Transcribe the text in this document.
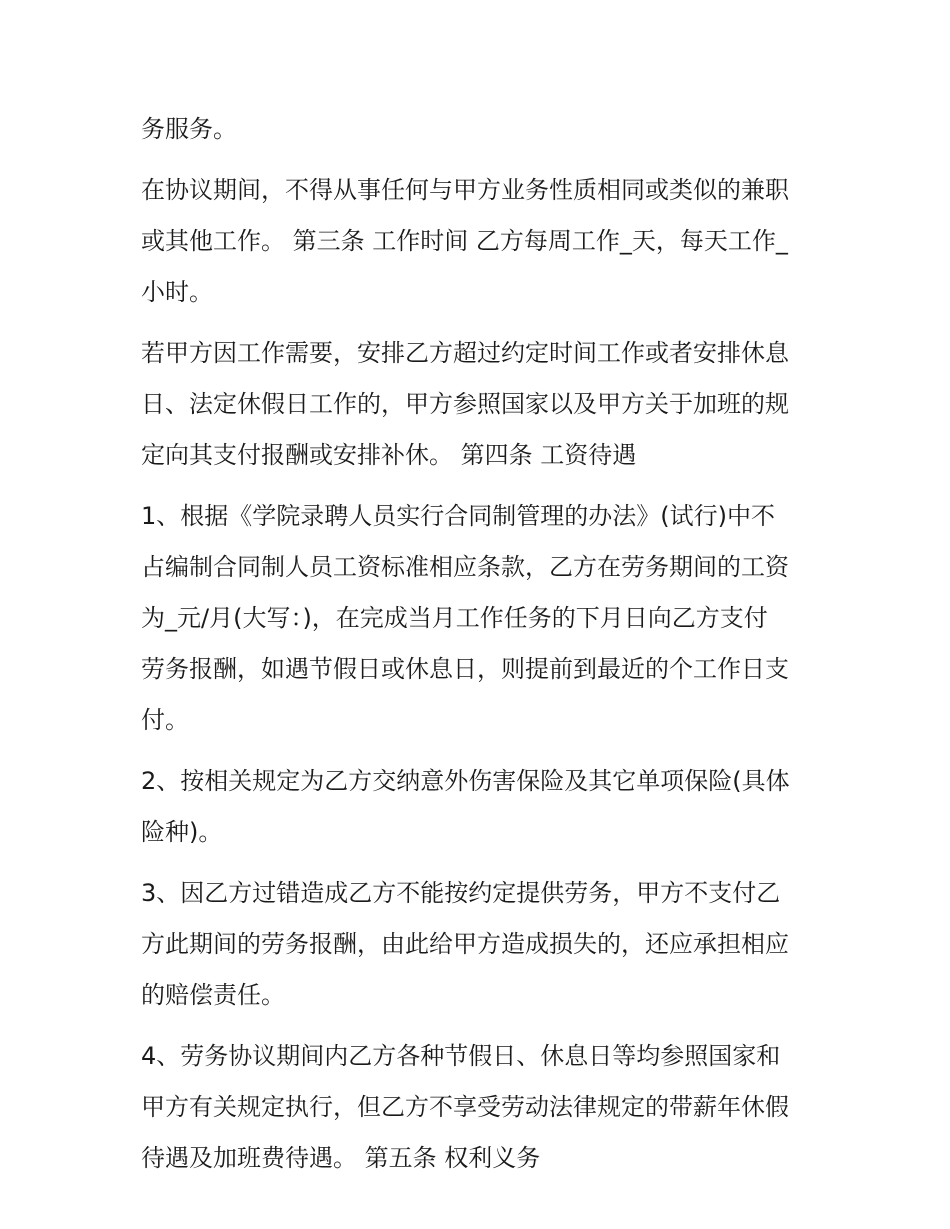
务服务。
在协议期间，不得从事任何与甲方业务性质相同或类似的兼职
或其他工作。 第三条 工作时间 乙方每周工作_天，每天工作_
小时。
若甲方因工作需要，安排乙方超过约定时间工作或者安排休息
日、法定休假日工作的，甲方参照国家以及甲方关于加班的规
定向其支付报酬或安排补休。 第四条 工资待遇
1、根据《学院录聘人员实行合同制管理的办法》(试行)中不
占编制合同制人员工资标准相应条款，乙方在劳务期间的工资
为_元/月(大写：)，在完成当月工作任务的下月日向乙方支付
劳务报酬，如遇节假日或休息日，则提前到最近的个工作日支
付。
2、按相关规定为乙方交纳意外伤害保险及其它单项保险(具体
险种)。
3、因乙方过错造成乙方不能按约定提供劳务，甲方不支付乙
方此期间的劳务报酬，由此给甲方造成损失的，还应承担相应
的赔偿责任。
4、劳务协议期间内乙方各种节假日、休息日等均参照国家和
甲方有关规定执行，但乙方不享受劳动法律规定的带薪年休假
待遇及加班费待遇。 第五条 权利义务
